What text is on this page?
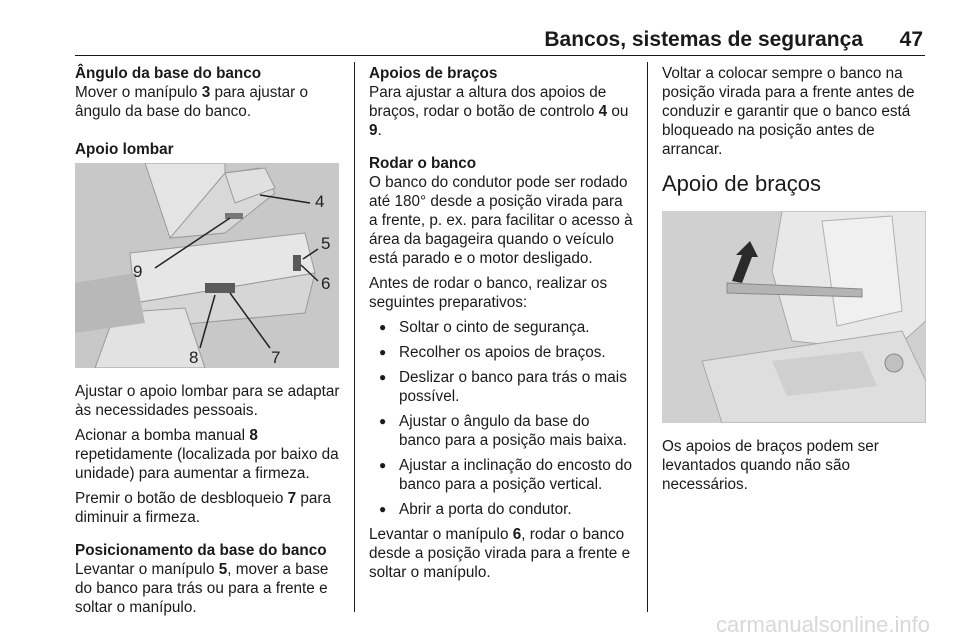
Bancos, sistemas de segurança 47

Ângulo da base do banco

Mover o manípulo 3 para ajustar o ângulo da base do banco.

Apoio lombar

4
5
6
7
8
9

Ajustar o apoio lombar para se adaptar às necessidades pessoais.

Acionar a bomba manual 8 repetidamente (localizada por baixo da unidade) para aumentar a firmeza.

Premir o botão de desbloqueio 7 para diminuir a firmeza.

Posicionamento da base do banco

Levantar o manípulo 5, mover a base do banco para trás ou para a frente e soltar o manípulo.

Apoios de braços

Para ajustar a altura dos apoios de braços, rodar o botão de controlo 4 ou 9.

Rodar o banco

O banco do condutor pode ser rodado até 180° desde a posição virada para a frente, p. ex. para facilitar o acesso à área da bagageira quando o veículo está parado e o motor desligado.

Antes de rodar o banco, realizar os seguintes preparativos:

● Soltar o cinto de segurança.
● Recolher os apoios de braços.
● Deslizar o banco para trás o mais possível.
● Ajustar o ângulo da base do banco para a posição mais baixa.
● Ajustar a inclinação do encosto do banco para a posição vertical.
● Abrir a porta do condutor.

Levantar o manípulo 6, rodar o banco desde a posição virada para a frente e soltar o manípulo.

Voltar a colocar sempre o banco na posição virada para a frente antes de conduzir e garantir que o banco está bloqueado na posição antes de arrancar.

Apoio de braços

Os apoios de braços podem ser levantados quando não são necessários.

carmanualsonline.info
